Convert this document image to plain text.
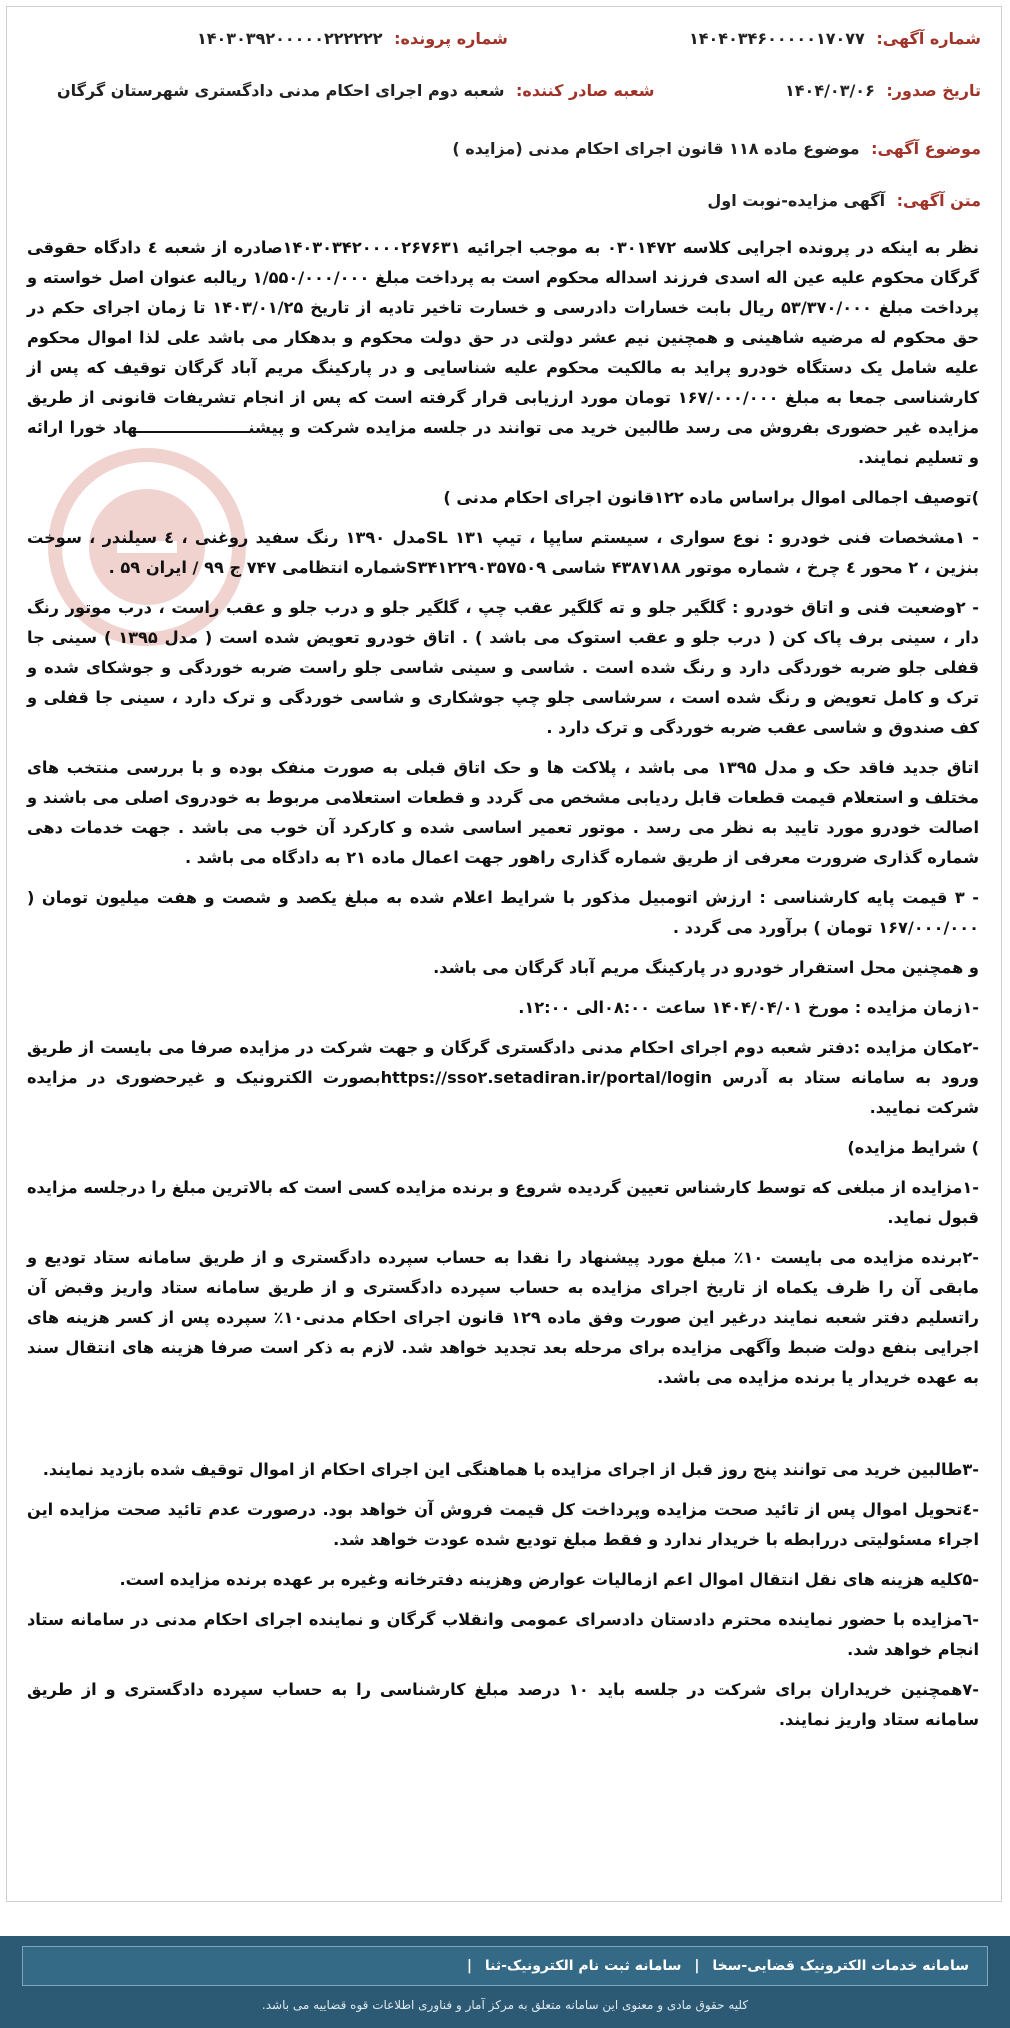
شماره آگهی: ۱۴۰۴۰۳۴۶۰۰۰۰۰۱۷۰۷۷
شماره پرونده: ۱۴۰۳۰۳۹۲۰۰۰۰۰۲۲۲۲۲۲
تاریخ صدور: ۱۴۰۴/۰۳/۰۶
شعبه صادر کننده: شعبه دوم اجرای احکام مدنی دادگستری شهرستان گرگان
موضوع آگهی: موضوع ماده ۱۱۸ قانون اجرای احکام مدنی (مزایده )
متن آگهی: آگهی مزایده-نوبت اول

نظر به اینکه در پرونده اجرایی کلاسه ۰۳۰۱۴۷۲ به موجب اجرائیه ۱۴۰۳۰۳۴۲۰۰۰۰۲۶۷۶۳۱صادره از شعبه ٤ دادگاه حقوقی گرگان محکوم علیه عین اله اسدی فرزند اسداله محکوم است به پرداخت مبلغ ۱/۵۵۰/۰۰۰/۰۰۰ ریالبه عنوان اصل خواسته و پرداخت مبلغ ۵۳/۳۷۰/۰۰۰ ریال بابت خسارات دادرسی و خسارت تاخیر تادیه از تاریخ ۱۴۰۳/۰۱/۲۵ تا زمان اجرای حکم در حق محکوم له مرضیه شاهینی و همچنین نیم عشر دولتی در حق دولت محکوم و بدهکار می باشد علی لذا اموال محکوم علیه شامل یک دستگاه خودرو پراید به مالکیت محکوم علیه شناسایی و در پارکینگ مریم آباد گرگان توقیف که پس از کارشناسی جمعا به مبلغ ۱۶۷/۰۰۰/۰۰۰ تومان مورد ارزیابی قرار گرفته است که پس از انجام تشریفات قانونی از طریق مزایده غیر حضوری بفروش می رسد طالبین خرید می توانند در جلسه مزایده شرکت و پیشنــــــــــــــــــــهاد خورا ارائه و تسلیم نمایند.

)توصیف اجمالی اموال براساس ماده ۱۲۲قانون اجرای احکام مدنی )

- ۱مشخصات فنی خودرو : نوع سواری ، سیستم سایپا ، تیپ ۱۳۱ SLمدل ۱۳۹۰ رنگ سفید روغنی ، ٤ سیلندر ، سوخت بنزین ، ۲ محور ٤ چرخ ، شماره موتور ۴۳۸۷۱۸۸ شاسی S۳۴۱۲۲۹۰۳۵۷۵۰۹شماره انتظامی ۷۴۷ ج ۹۹ / ایران ۵۹ .

- ۲وضعیت فنی و اتاق خودرو : گلگیر جلو و ته گلگیر عقب چپ ، گلگیر جلو و درب جلو و عقب راست ، درب موتور رنگ دار ، سینی برف پاک کن ( درب جلو و عقب استوک می باشد ) . اتاق خودرو تعویض شده است ( مدل ۱۳۹۵ ) سینی جا قفلی جلو ضربه خوردگی دارد و رنگ شده است . شاسی و سینی شاسی جلو راست ضربه خوردگی و جوشکای شده و ترک و کامل تعویض و رنگ شده است ، سرشاسی جلو چپ جوشکاری و شاسی خوردگی و ترک دارد ، سینی جا قفلی و کف صندوق و شاسی عقب ضربه خوردگی و ترک دارد .

اتاق جدید فاقد حک و مدل ۱۳۹۵ می باشد ، پلاکت ها و حک اتاق قبلی به صورت منفک بوده و با بررسی منتخب های مختلف و استعلام قیمت قطعات قابل ردیابی مشخص می گردد و قطعات استعلامی مربوط به خودروی اصلی می باشند و اصالت خودرو مورد تایید به نظر می رسد . موتور تعمیر اساسی شده و کارکرد آن خوب می باشد . جهت خدمات دهی شماره گذاری ضرورت معرفی از طریق شماره گذاری راهور جهت اعمال ماده ۲۱ به دادگاه می باشد .

- ۳ قیمت پایه کارشناسی : ارزش اتومبیل مذکور با شرایط اعلام شده به مبلغ یکصد و شصت و هفت میلیون تومان ( ۱۶۷/۰۰۰/۰۰۰ تومان ) برآورد می گردد .

و همچنین محل استقرار خودرو در پارکینگ مریم آباد گرگان می باشد.

-۱زمان مزایده : مورخ ۱۴۰۴/۰۴/۰۱ ساعت ۰۸:۰۰الی ۱۲:۰۰.

-۲مکان مزایده :دفتر شعبه دوم اجرای احکام مدنی دادگستری گرگان و جهت شرکت در مزایده صرفا می بایست از طریق ورود به سامانه ستاد به آدرس https://sso۲.setadiran.ir/portal/loginبصورت الکترونیک و غیرحضوری در مزایده شرکت نمایید.

) شرایط مزایده)

-۱مزایده از مبلغی که توسط کارشناس تعیین گردیده شروع و برنده مزایده کسی است که بالاترین مبلغ را درجلسه مزایده قبول نماید.

-۲برنده مزایده می بایست ۱۰٪ مبلغ مورد پیشنهاد را نقدا به حساب سپرده دادگستری و از طریق سامانه ستاد تودیع و مابقی آن را ظرف یکماه از تاریخ اجرای مزایده به حساب سپرده دادگستری و از طریق سامانه ستاد واریز وقبض آن راتسلیم دفتر شعبه نمایند درغیر این صورت وفق ماده ۱۲۹ قانون اجرای احکام مدنی۱۰٪ سپرده پس از کسر هزینه های اجرایی بنفع دولت ضبط وآگهی مزایده برای مرحله بعد تجدید خواهد شد. لازم به ذکر است صرفا هزینه های انتقال سند به عهده خریدار یا برنده مزایده می باشد.

-۳طالبین خرید می توانند پنج روز قبل از اجرای مزایده با هماهنگی این اجرای احکام از اموال توقیف شده بازدید نمایند.

-٤تحویل اموال پس از تائید صحت مزایده وپرداخت کل قیمت فروش آن خواهد بود. درصورت عدم تائید صحت مزایده این اجراء مسئولیتی دررابطه با خریدار ندارد و فقط مبلغ تودیع شده عودت خواهد شد.

-۵کلیه هزینه های نقل انتقال اموال اعم ازمالیات عوارض وهزینه دفترخانه وغیره بر عهده برنده مزایده است.

-٦مزایده با حضور نماینده محترم دادستان دادسرای عمومی وانقلاب گرگان و نماینده اجرای احکام مدنی در سامانه ستاد انجام خواهد شد.

-۷همچنین خریداران برای شرکت در جلسه باید ۱۰ درصد مبلغ کارشناسی را به حساب سپرده دادگستری و از طریق سامانه ستاد واریز نمایند.

سامانه خدمات الکترونیک قضایی-سخا | سامانه ثبت نام الکترونیک-ثنا |
کلیه حقوق مادی و معنوی این سامانه متعلق به مرکز آمار و فناوری اطلاعات قوه قضاییه می باشد.
